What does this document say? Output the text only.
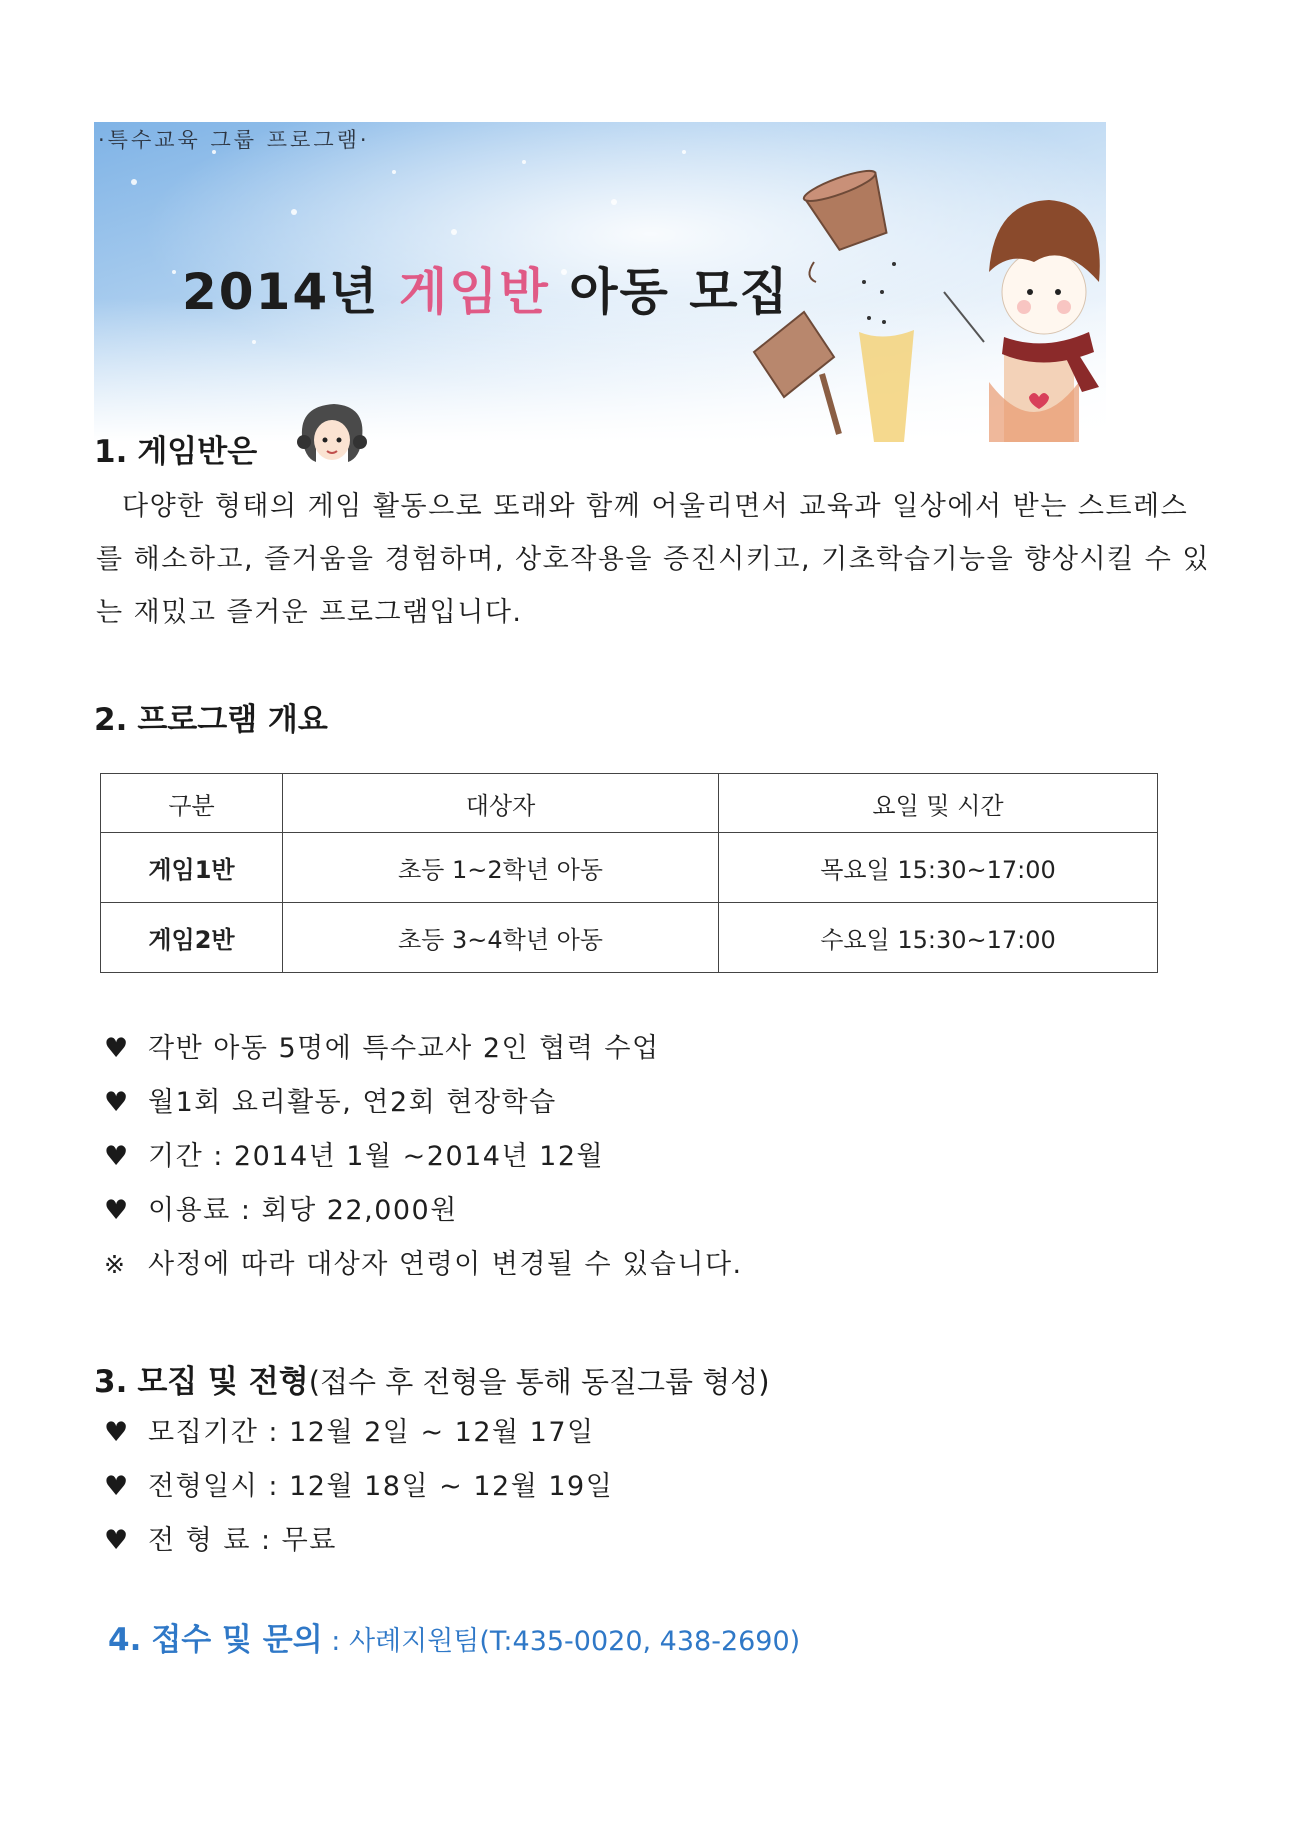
·특수교육 그룹 프로그램·
2014년 게임반 아동 모집
1. 게임반은
다양한 형태의 게임 활동으로 또래와 함께 어울리면서 교육과 일상에서 받는 스트레스를 해소하고, 즐거움을 경험하며, 상호작용을 증진시키고, 기초학습기능을 향상시킬 수 있는 재밌고 즐거운 프로그램입니다.
2. 프로그램 개요
구분	대상자	요일 및 시간
게임1반	초등 1~2학년 아동	목요일 15:30~17:00
게임2반	초등 3~4학년 아동	수요일 15:30~17:00
♥ 각반 아동 5명에 특수교사 2인 협력 수업
♥ 월1회 요리활동, 연2회 현장학습
♥ 기간 : 2014년 1월 ~2014년 12월
♥ 이용료 : 회당 22,000원
※ 사정에 따라 대상자 연령이 변경될 수 있습니다.
3. 모집 및 전형(접수 후 전형을 통해 동질그룹 형성)
♥ 모집기간 : 12월 2일 ~ 12월 17일
♥ 전형일시 : 12월 18일 ~ 12월 19일
♥ 전 형 료 : 무료
4. 접수 및 문의 : 사례지원팀(T:435-0020, 438-2690)
